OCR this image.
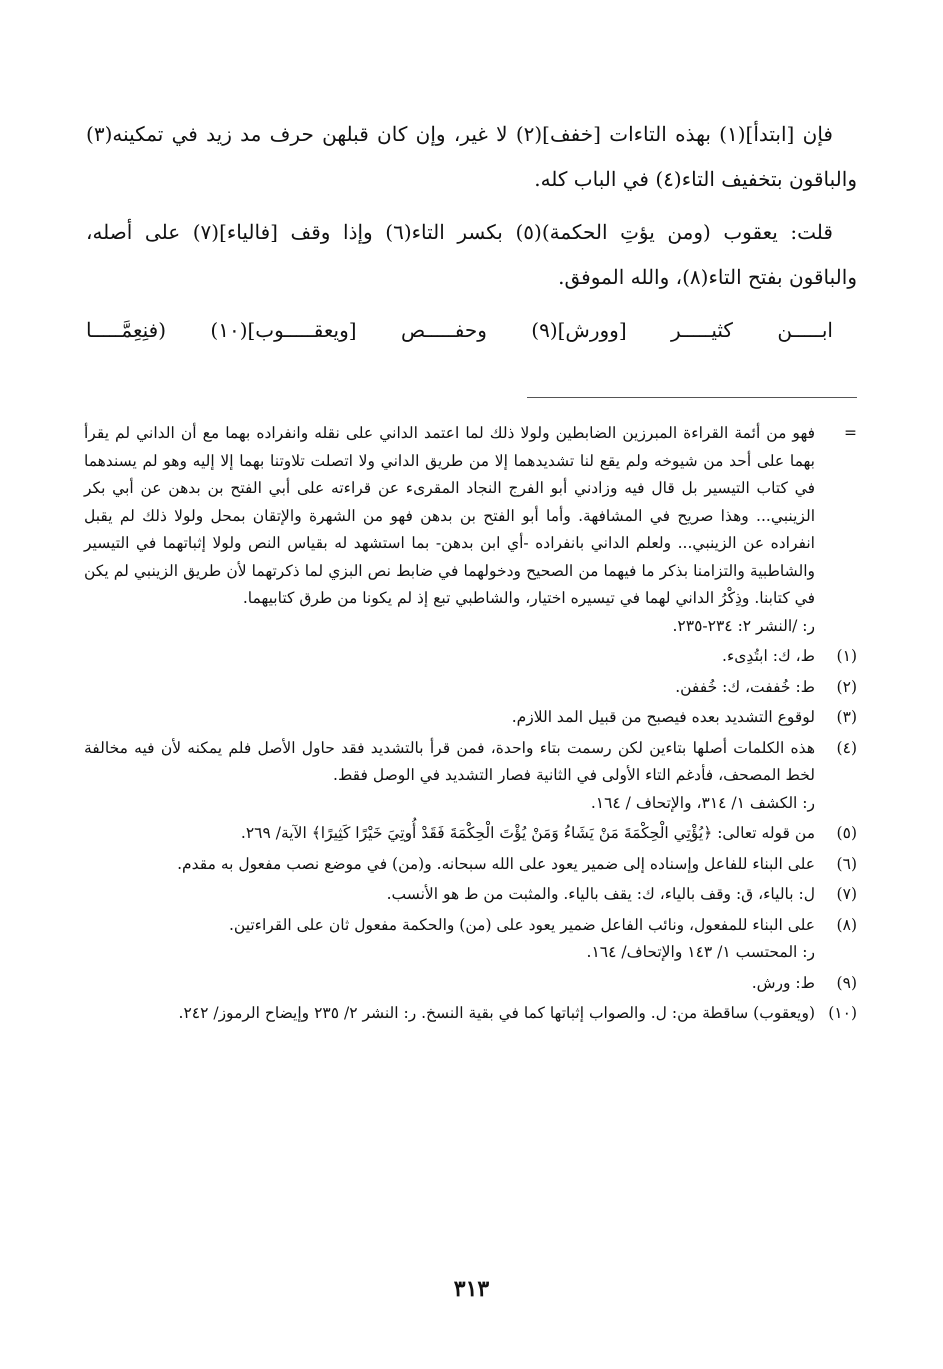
فإن [ابتدأ](١) بهذه التاءات [خفف](٢) لا غير، وإن كان قبلهن حرف مد زيد في تمكينه(٣) والباقون بتخفيف التاء(٤) في الباب كله.

قلت: يعقوب (ومن يؤتِ الحكمة)(٥) بكسر التاء(٦) وإذا وقف [فالياء](٧) على أصله، والباقون بفتح التاء(٨)، والله الموفق.

ابـــــن كثيـــــر [وورش](٩) وحفـــــص [ويعقـــــوب](١٠) (فنِعِمَّـــــا

=
فهو من أئمة القراءة المبرزين الضابطين ولولا ذلك لما اعتمد الداني على نقله وانفراده بهما مع أن الداني لم يقرأ بهما على أحد من شيوخه ولم يقع لنا تشديدهما إلا من طريق الداني ولا اتصلت تلاوتنا بهما إلا إليه وهو لم يسندهما في كتاب التيسير بل قال فيه وزادني أبو الفرج النجاد المقرىء عن قراءته على أبي الفتح بن بدهن عن أبي بكر الزينبي... وهذا صريح في المشافهة. وأما أبو الفتح بن بدهن فهو من الشهرة والإتقان بمحل ولولا ذلك لم يقبل انفراده عن الزينبي... ولعلم الداني بانفراده -أي ابن بدهن- بما استشهد له بقياس النص ولولا إثباتهما في التيسير والشاطبية والتزامنا بذكر ما فيهما من الصحيح ودخولهما في ضابط نص البزي لما ذكرتهما لأن طريق الزينبي لم يكن في كتابنا. وذِكْرُ الداني لهما في تيسيره اختيار، والشاطبي تبع إذ لم يكونا من طرق كتابيهما.
ر: /النشر ٢: ٢٣٤-٢٣٥.
(١)
ط، ك: ابتُدِىء.
(٢)
ط: خُففت، ك: خُففن.
(٣)
لوقوع التشديد بعده فيصبح من قبيل المد اللازم.
(٤)
هذه الكلمات أصلها بتاءين لكن رسمت بتاء واحدة، فمن قرأ بالتشديد فقد حاول الأصل فلم يمكنه لأن فيه مخالفة لخط المصحف، فأدغم التاء الأولى في الثانية فصار التشديد في الوصل فقط.
ر: الكشف ١/ ٣١٤، والإتحاف / ١٦٤.
(٥)
من قوله تعالى: ﴿يُؤْتِي الْحِكْمَةَ مَنْ يَشَاءُ وَمَنْ يُؤْتَ الْحِكْمَةَ فَقَدْ أُوتِيَ خَيْرًا كَثِيرًا﴾ الآية/ ٢٦٩.
(٦)
على البناء للفاعل وإسناده إلى ضمير يعود على الله سبحانه. و(من) في موضع نصب مفعول به مقدم.
(٧)
ل: بالياء، ق: وقف بالياء، ك: يقف بالياء. والمثبت من ط هو الأنسب.
(٨)
على البناء للمفعول، ونائب الفاعل ضمير يعود على (من) والحكمة مفعول ثان على القراءتين.
ر: المحتسب ١/ ١٤٣ والإتحاف/ ١٦٤.
(٩)
ط: ورش.
(١٠)
(ويعقوب) ساقطة من: ل. والصواب إثباتها كما في بقية النسخ. ر: النشر ٢/ ٢٣٥ وإيضاح الرموز/ ٢٤٢.
٣١٣
